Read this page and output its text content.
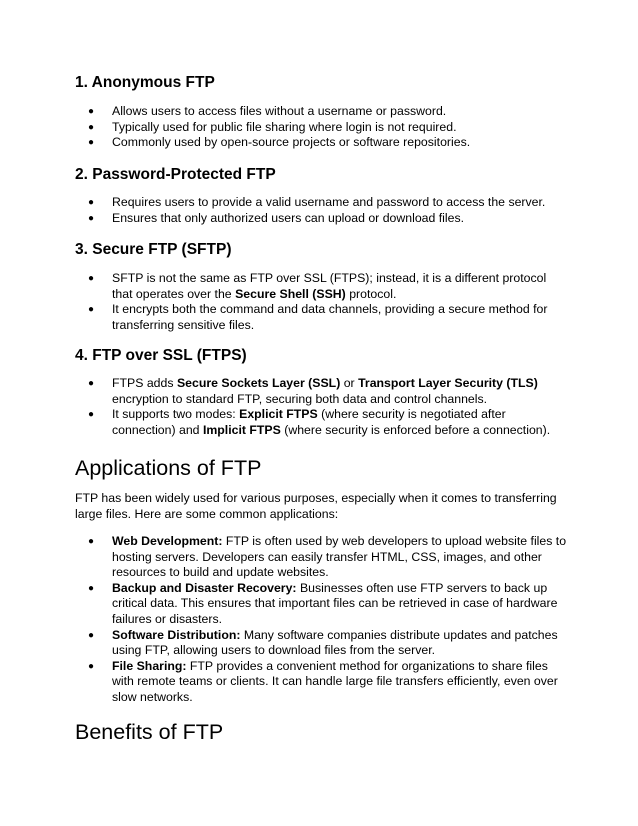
1. Anonymous FTP
● Allows users to access files without a username or password.
● Typically used for public file sharing where login is not required.
● Commonly used by open-source projects or software repositories.
2. Password-Protected FTP
● Requires users to provide a valid username and password to access the server.
● Ensures that only authorized users can upload or download files.
3. Secure FTP (SFTP)
● SFTP is not the same as FTP over SSL (FTPS); instead, it is a different protocol that operates over the Secure Shell (SSH) protocol.
● It encrypts both the command and data channels, providing a secure method for transferring sensitive files.
4. FTP over SSL (FTPS)
● FTPS adds Secure Sockets Layer (SSL) or Transport Layer Security (TLS) encryption to standard FTP, securing both data and control channels.
● It supports two modes: Explicit FTPS (where security is negotiated after connection) and Implicit FTPS (where security is enforced before a connection).
Applications of FTP

FTP has been widely used for various purposes, especially when it comes to transferring large files. Here are some common applications:

● Web Development: FTP is often used by web developers to upload website files to hosting servers. Developers can easily transfer HTML, CSS, images, and other resources to build and update websites.
● Backup and Disaster Recovery: Businesses often use FTP servers to back up critical data. This ensures that important files can be retrieved in case of hardware failures or disasters.
● Software Distribution: Many software companies distribute updates and patches using FTP, allowing users to download files from the server.
● File Sharing: FTP provides a convenient method for organizations to share files with remote teams or clients. It can handle large file transfers efficiently, even over slow networks.
Benefits of FTP
